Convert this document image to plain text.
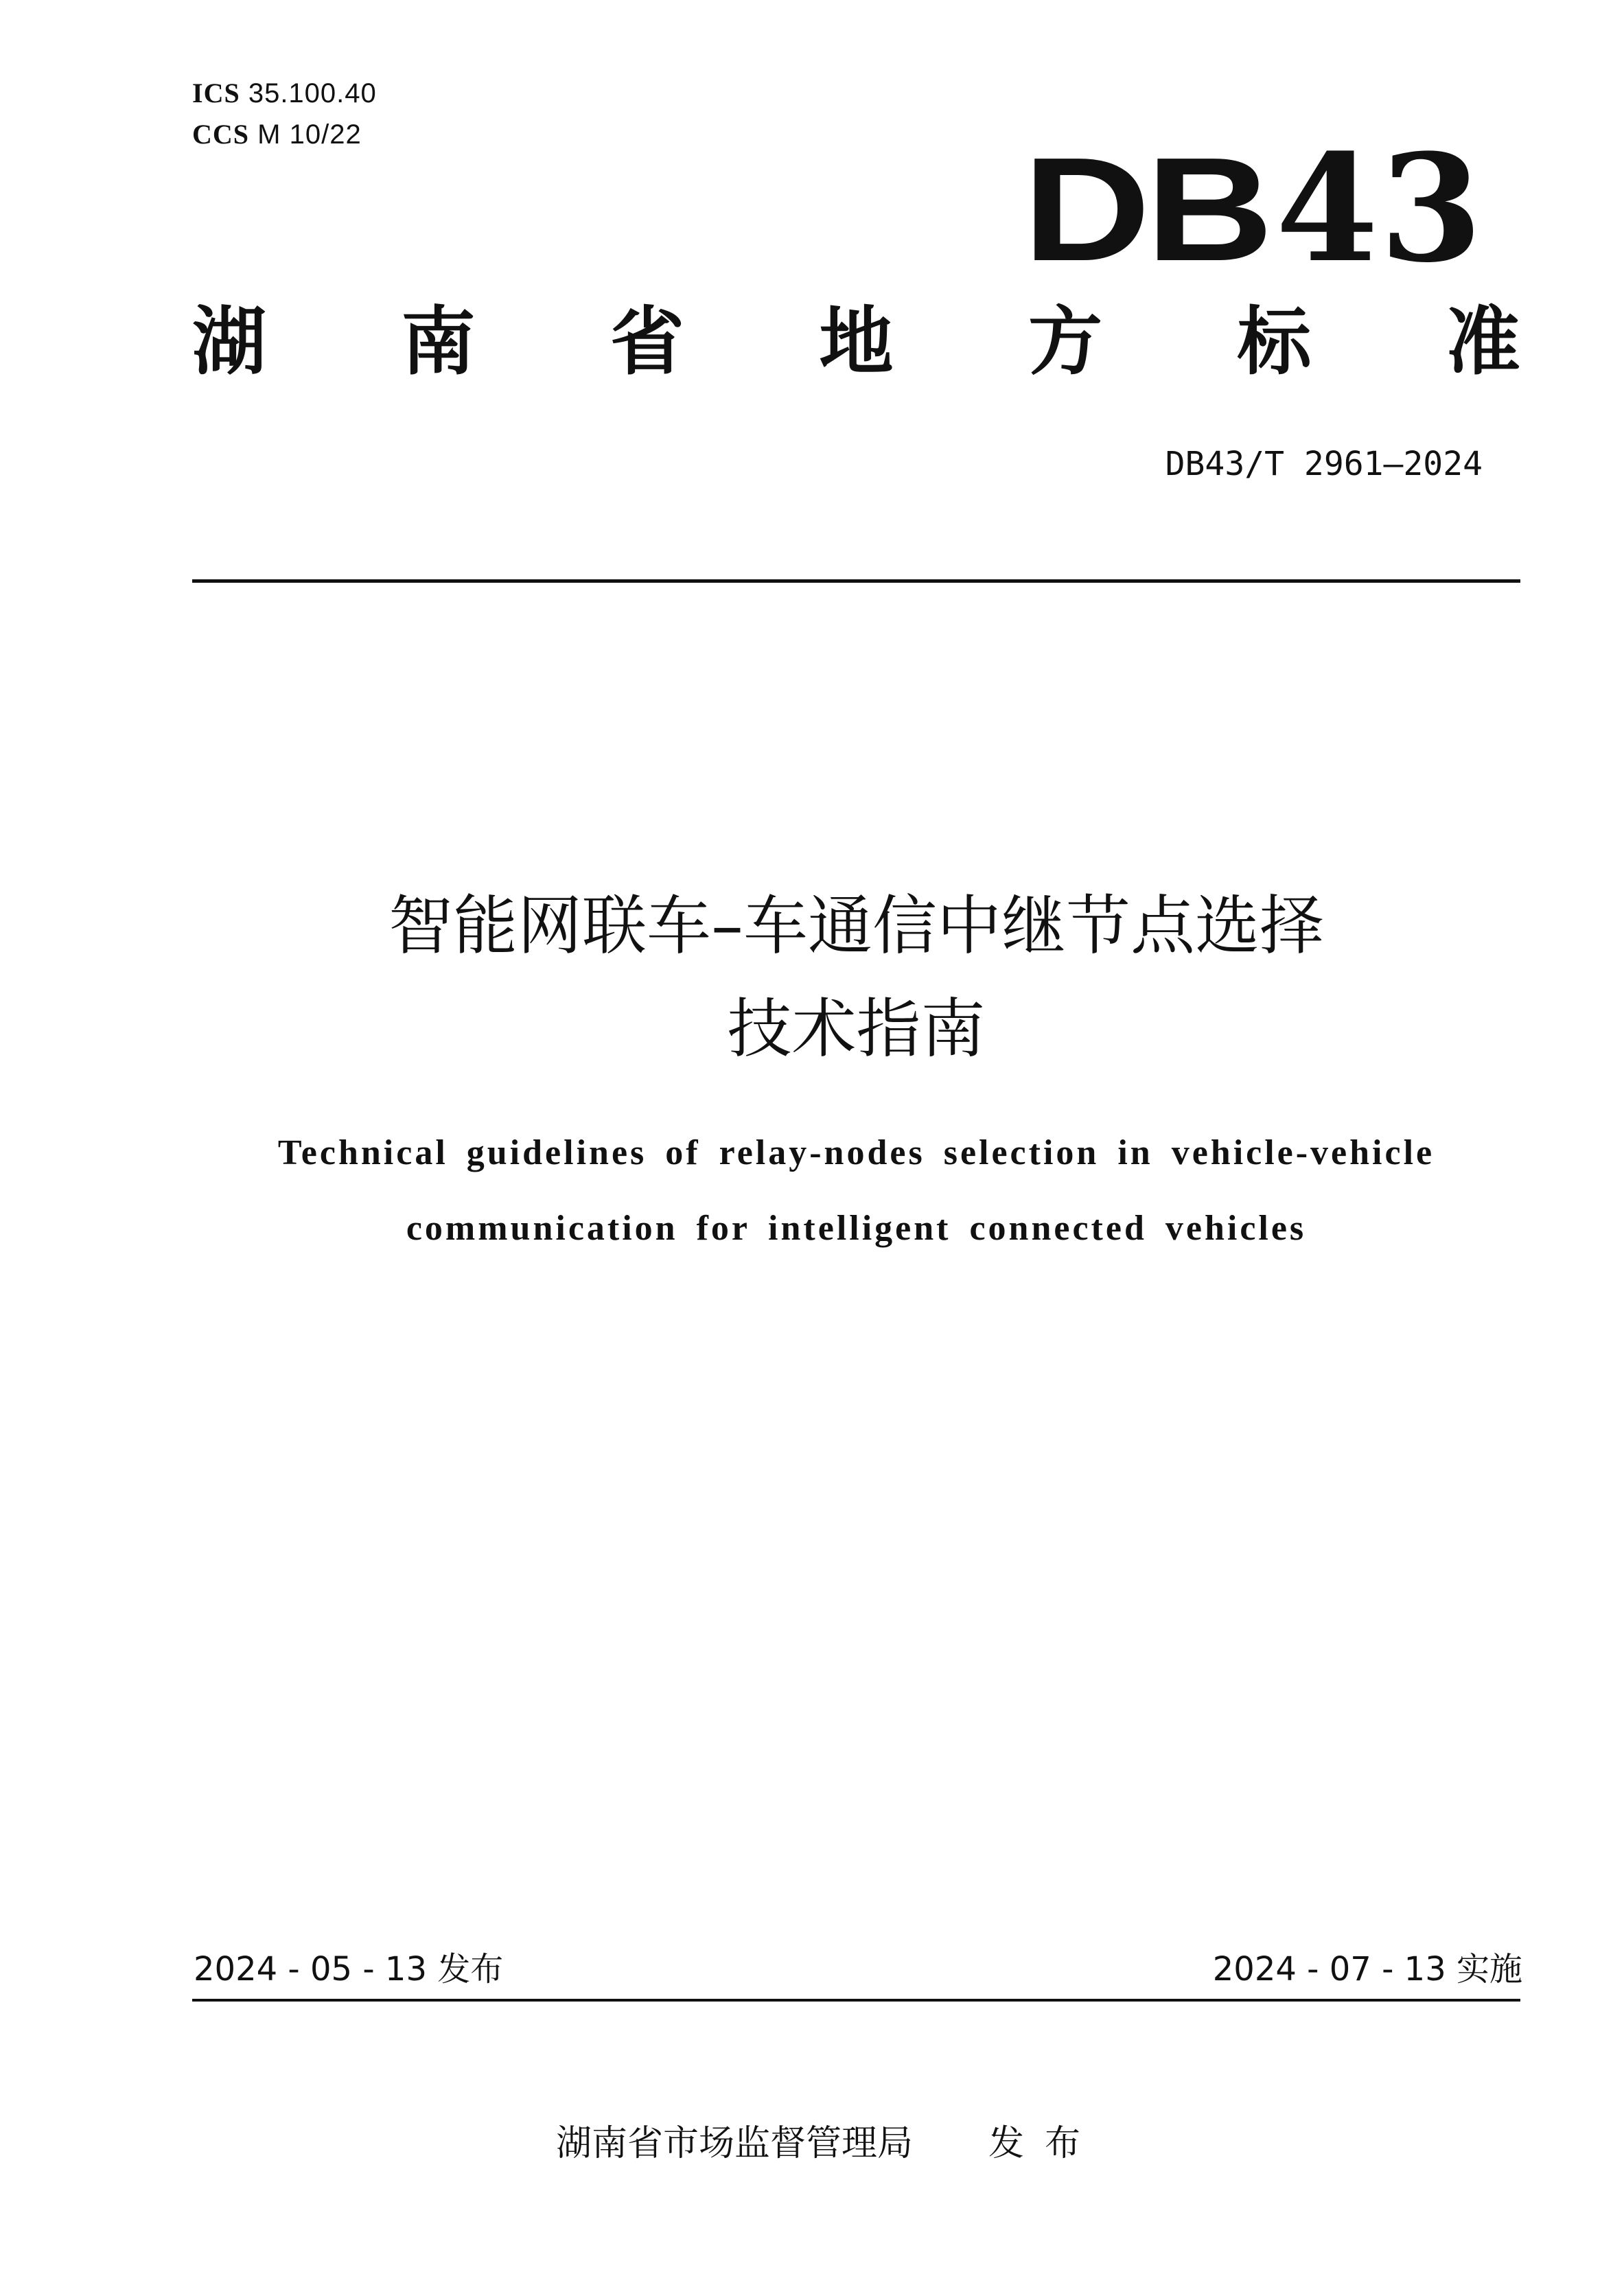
ICS 35.100.40
CCS M 10/22	DB43
湖 南 省 地 方 标 准
DB43/T 2961—2024
智能网联车–车通信中继节点选择
技术指南
Technical guidelines of relay-nodes selection in vehicle-vehicle
communication for intelligent connected vehicles
2024 - 05 - 13 发布	2024 - 07 - 13 实施
湖南省市场监督管理局 发布
